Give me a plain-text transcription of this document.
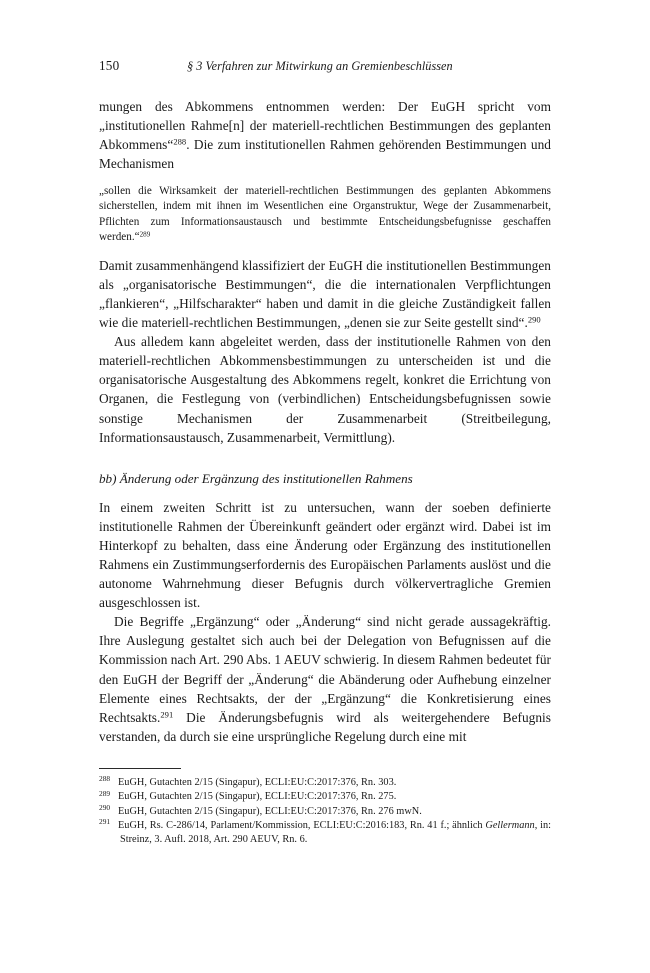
150	§ 3 Verfahren zur Mitwirkung an Gremienbeschlüssen

mungen des Abkommens entnommen werden: Der EuGH spricht vom „institutionellen Rahme[n] der materiell-rechtlichen Bestimmungen des geplanten Abkommens“$^{288}$. Die zum institutionellen Rahmen gehörenden Bestimmungen und Mechanismen

„sollen die Wirksamkeit der materiell-rechtlichen Bestimmungen des geplanten Abkommens sicherstellen, indem mit ihnen im Wesentlichen eine Organstruktur, Wege der Zusammenarbeit, Pflichten zum Informationsaustausch und bestimmte Entscheidungsbefugnisse geschaffen werden.“$^{289}$

Damit zusammenhängend klassifiziert der EuGH die institutionellen Bestimmungen als „organisatorische Bestimmungen“, die die internationalen Verpflichtungen „flankieren“, „Hilfscharakter“ haben und damit in die gleiche Zuständigkeit fallen wie die materiell-rechtlichen Bestimmungen, „denen sie zur Seite gestellt sind“.$^{290}$

Aus alledem kann abgeleitet werden, dass der institutionelle Rahmen von den materiell-rechtlichen Abkommensbestimmungen zu unterscheiden ist und die organisatorische Ausgestaltung des Abkommens regelt, konkret die Errichtung von Organen, die Festlegung von (verbindlichen) Entscheidungsbefugnissen sowie sonstige Mechanismen der Zusammenarbeit (Streitbeilegung, Informationsaustausch, Zusammenarbeit, Vermittlung).

bb) Änderung oder Ergänzung des institutionellen Rahmens

In einem zweiten Schritt ist zu untersuchen, wann der soeben definierte institutionelle Rahmen der Übereinkunft geändert oder ergänzt wird. Dabei ist im Hinterkopf zu behalten, dass eine Änderung oder Ergänzung des institutionellen Rahmens ein Zustimmungserfordernis des Europäischen Parlaments auslöst und die autonome Wahrnehmung dieser Befugnis durch völkervertragliche Gremien ausgeschlossen ist.

Die Begriffe „Ergänzung“ oder „Änderung“ sind nicht gerade aussagekräftig. Ihre Auslegung gestaltet sich auch bei der Delegation von Befugnissen auf die Kommission nach Art. 290 Abs. 1 AEUV schwierig. In diesem Rahmen bedeutet für den EuGH der Begriff der „Änderung“ die Abänderung oder Aufhebung einzelner Elemente eines Rechtsakts, der der „Ergänzung“ die Konkretisierung eines Rechtsakts.$^{291}$ Die Änderungsbefugnis wird als weitergehendere Befugnis verstanden, da durch sie eine ursprüngliche Regelung durch eine mit

288 EuGH, Gutachten 2/15 (Singapur), ECLI:EU:C:2017:376, Rn. 303.

289 EuGH, Gutachten 2/15 (Singapur), ECLI:EU:C:2017:376, Rn. 275.

290 EuGH, Gutachten 2/15 (Singapur), ECLI:EU:C:2017:376, Rn. 276 mwN.

291 EuGH, Rs. C-286/14, Parlament/Kommission, ECLI:EU:C:2016:183, Rn. 41 f.; ähnlich Gellermann, in: Streinz, 3. Aufl. 2018, Art. 290 AEUV, Rn. 6.
